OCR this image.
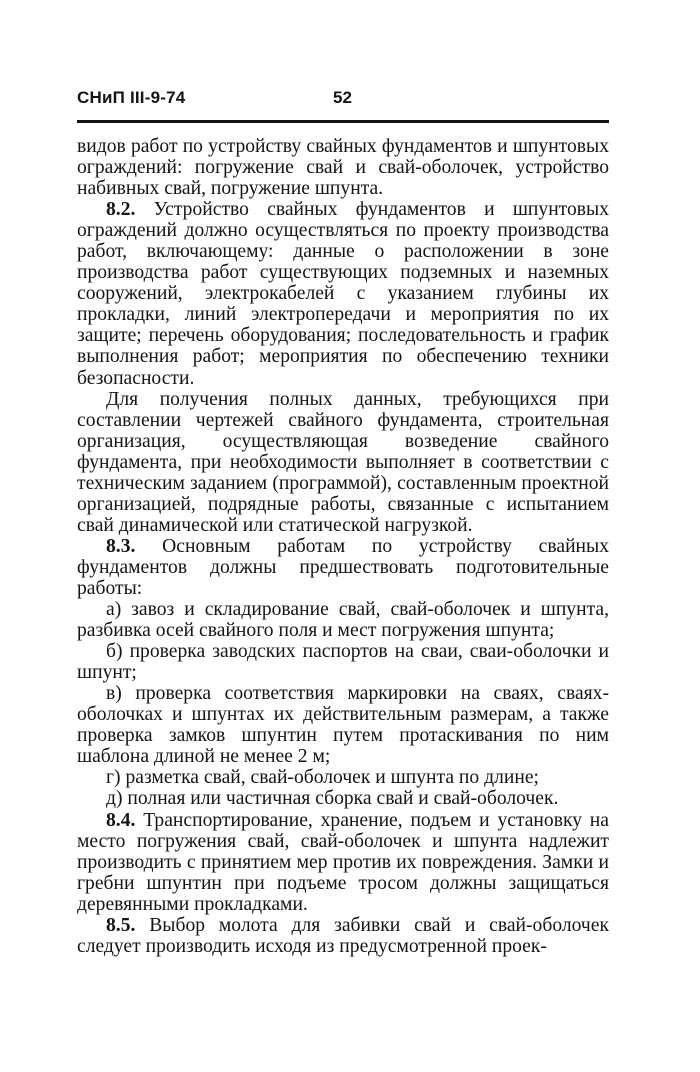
СНиП III-9-74	52

видов работ по устройству свайных фундаментов и шпунтовых ограждений: погружение свай и свай-оболочек, устройство набивных свай, погружение шпунта.

8.2. Устройство свайных фундаментов и шпунтовых ограждений должно осуществляться по проекту производства работ, включающему: данные о расположении в зоне производства работ существующих подземных и наземных сооружений, электрокабелей с указанием глубины их прокладки, линий электропередачи и мероприятия по их защите; перечень оборудования; последовательность и график выполнения работ; мероприятия по обеспечению техники безопасности.

Для получения полных данных, требующихся при составлении чертежей свайного фундамента, строительная организация, осуществляющая возведение свайного фундамента, при необходимости выполняет в соответствии с техническим заданием (программой), составленным проектной организацией, подрядные работы, связанные с испытанием свай динамической или статической нагрузкой.

8.3. Основным работам по устройству свайных фундаментов должны предшествовать подготовительные работы:

а) завоз и складирование свай, свай-оболочек и шпунта, разбивка осей свайного поля и мест погружения шпунта;

б) проверка заводских паспортов на сваи, сваи-оболочки и шпунт;

в) проверка соответствия маркировки на сваях, сваях-оболочках и шпунтах их действительным размерам, а также проверка замков шпунтин путем протаскивания по ним шаблона длиной не менее 2 м;

г) разметка свай, свай-оболочек и шпунта по длине;

д) полная или частичная сборка свай и свай-оболочек.

8.4. Транспортирование, хранение, подъем и установку на место погружения свай, свай-оболочек и шпунта надлежит производить с принятием мер против их повреждения. Замки и гребни шпунтин при подъеме тросом должны защищаться деревянными прокладками.

8.5. Выбор молота для забивки свай и свай-оболочек следует производить исходя из предусмотренной проек-
